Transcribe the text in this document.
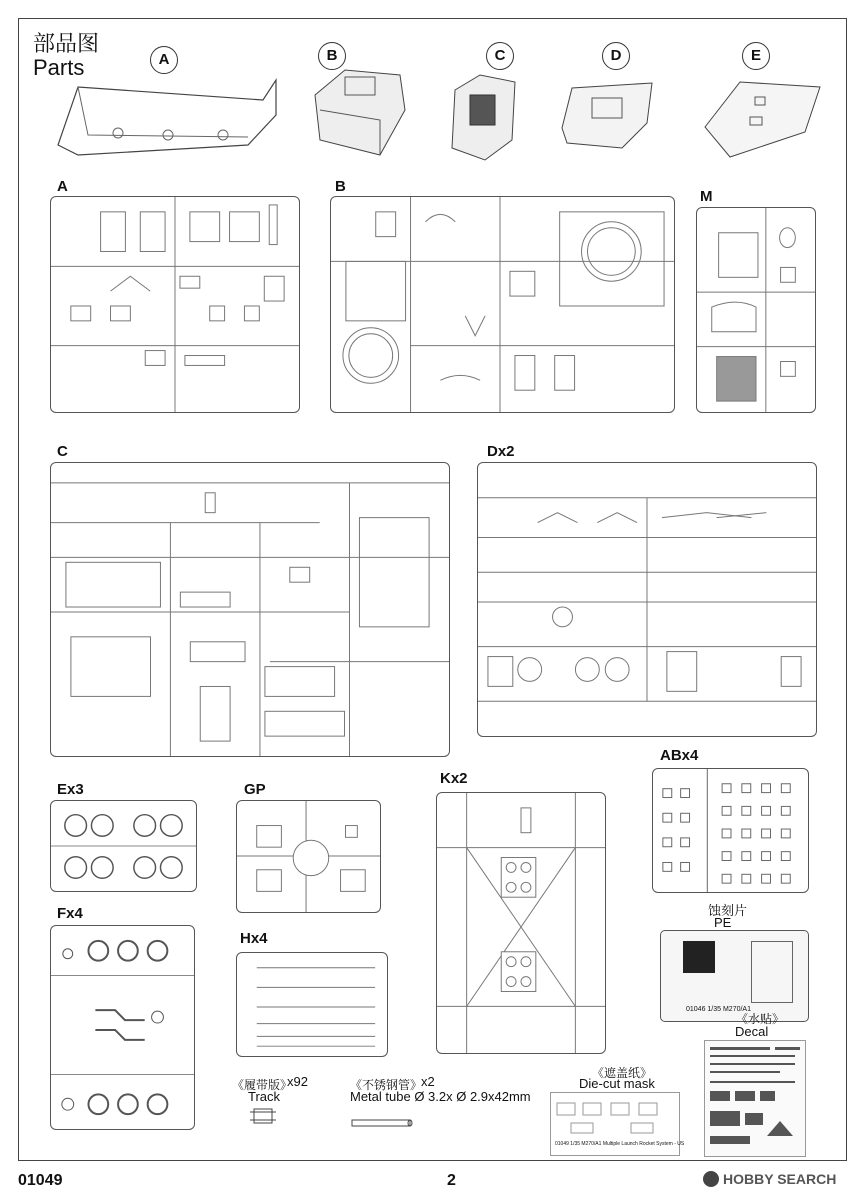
部品图
Parts	A	B	C	D	E
A	B
M
C	Dx2
Ex3	GP
Kx2
ABx4
Fx4
Hx4
蚀刻片
PE
01046 1/35 M270/A1
《水贴》
Decal
《履带版》
x92
Track
《不锈钢管》
x2
Metal tube Ø 3.2x Ø 2.9x42mm
《遮盖纸》
Die-cut mask
01049 1/35 M270/A1 Multiple Launch Rocket System - US
01049	2	HOBBY SEARCH
